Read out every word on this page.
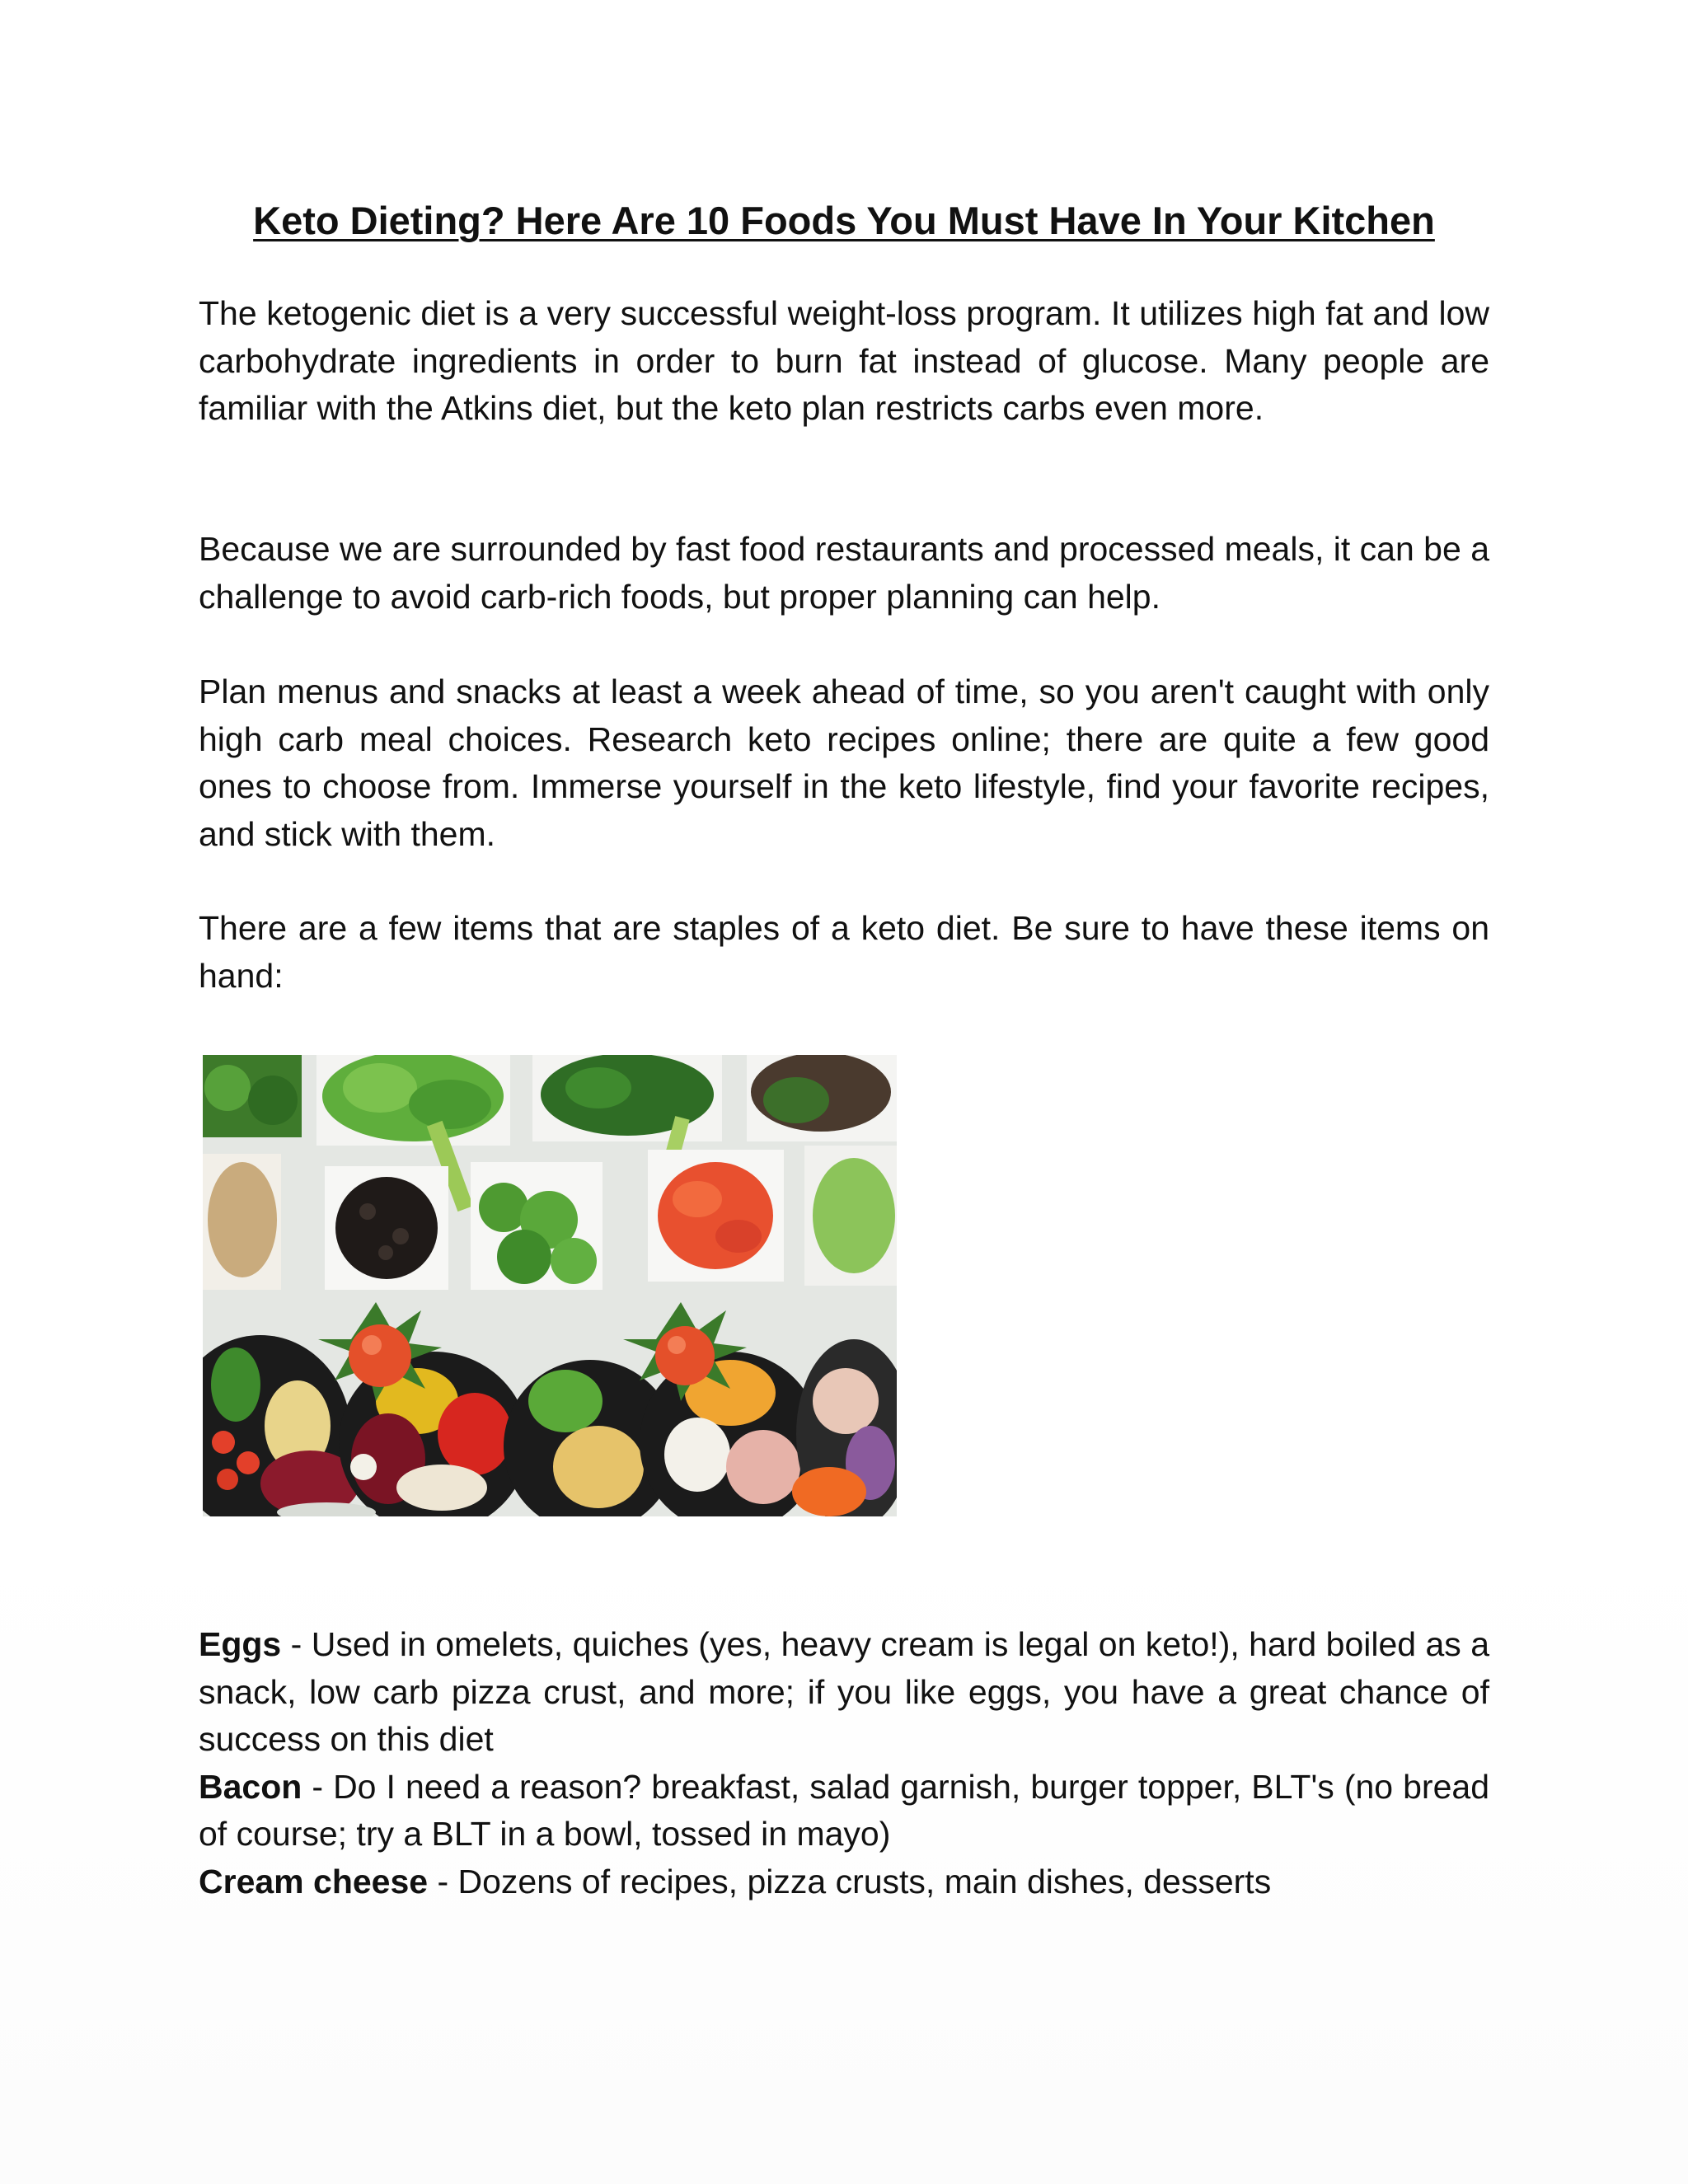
Keto Dieting? Here Are 10 Foods You Must Have In Your Kitchen

The ketogenic diet is a very successful weight-loss program. It utilizes high fat and low carbohydrate ingredients in order to burn fat instead of glucose. Many people are familiar with the Atkins diet, but the keto plan restricts carbs even more.

Because we are surrounded by fast food restaurants and processed meals, it can be a challenge to avoid carb-rich foods, but proper planning can help.

Plan menus and snacks at least a week ahead of time, so you aren't caught with only high carb meal choices. Research keto recipes online; there are quite a few good ones to choose from. Immerse yourself in the keto lifestyle, find your favorite recipes, and stick with them.

There are a few items that are staples of a keto diet. Be sure to have these items on hand:

Eggs - Used in omelets, quiches (yes, heavy cream is legal on keto!), hard boiled as a snack, low carb pizza crust, and more; if you like eggs, you have a great chance of success on this diet

Bacon - Do I need a reason? breakfast, salad garnish, burger topper, BLT's (no bread of course; try a BLT in a bowl, tossed in mayo)

Cream cheese - Dozens of recipes, pizza crusts, main dishes, desserts
